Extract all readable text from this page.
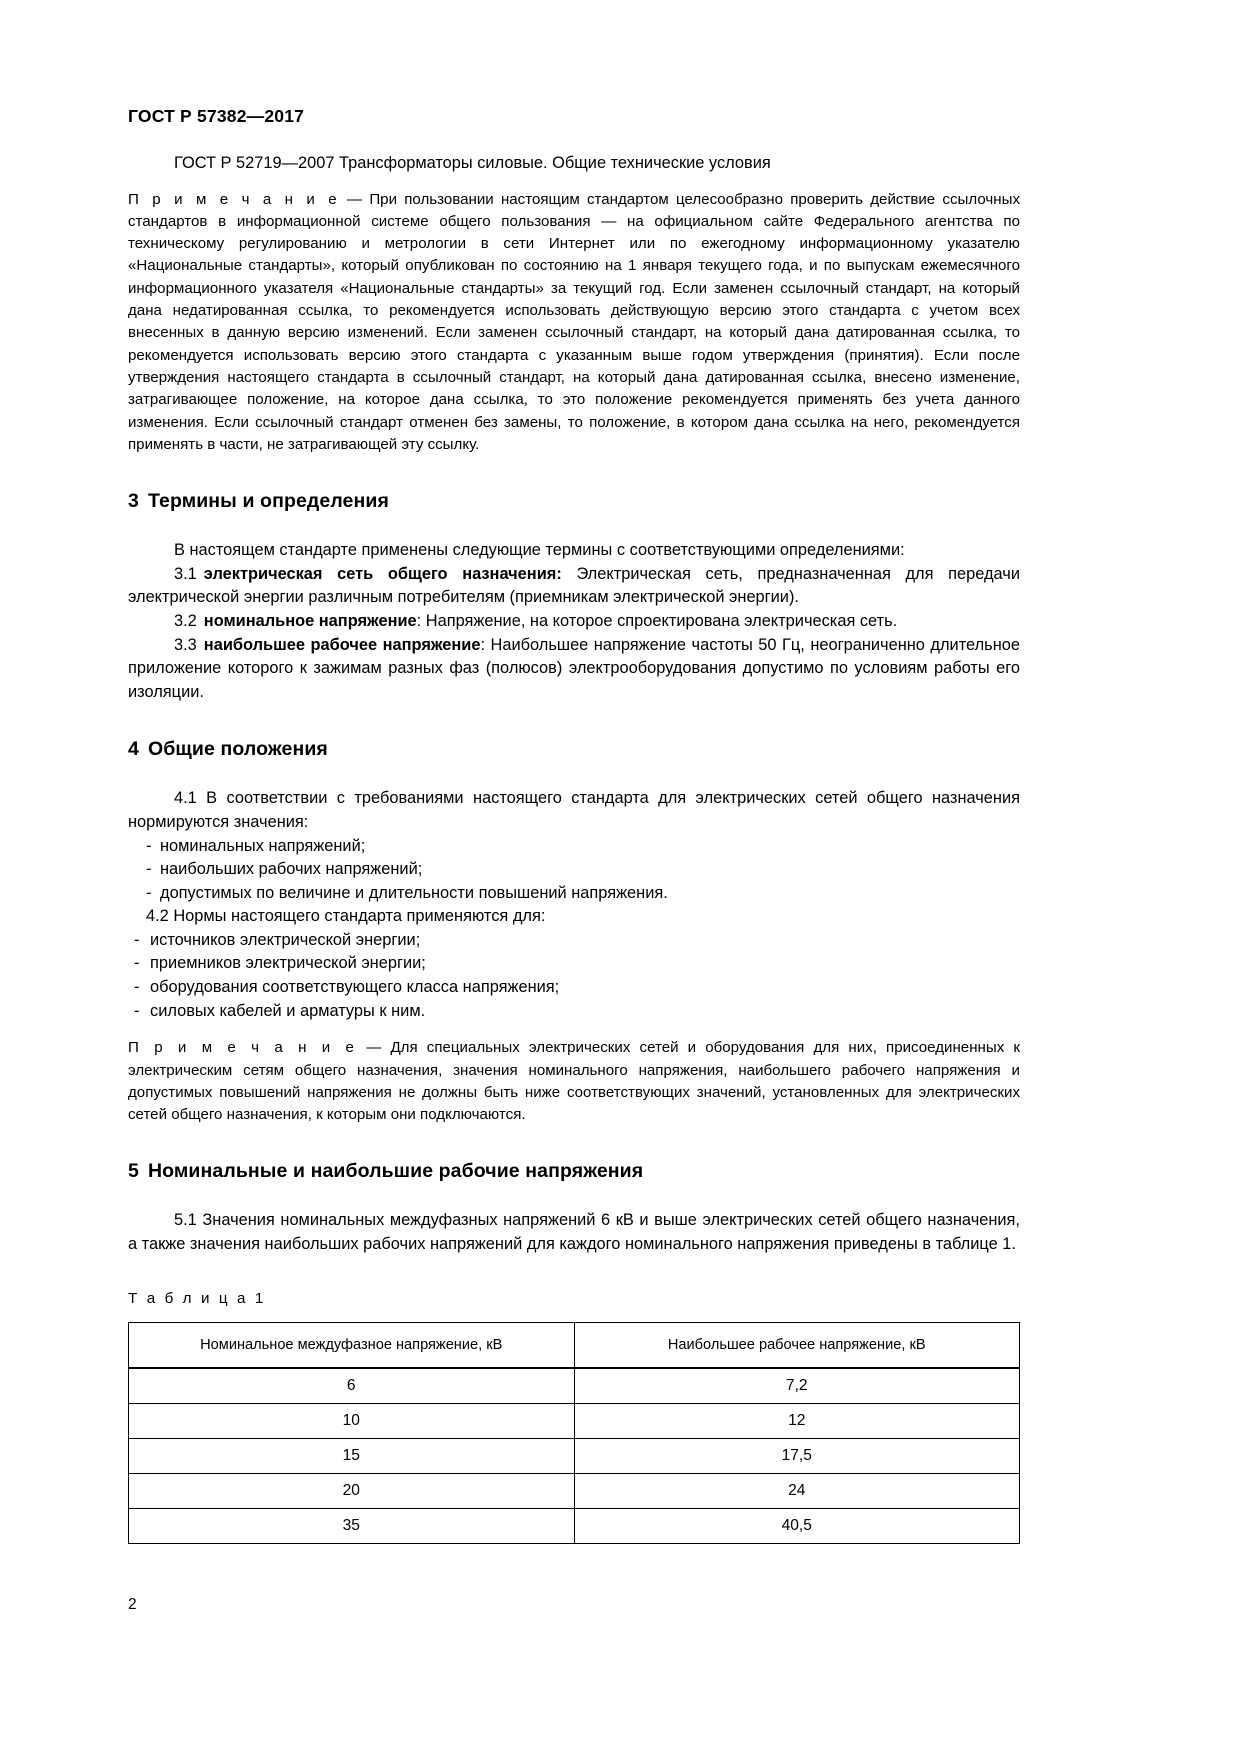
ГОСТ Р 57382—2017

ГОСТ Р 52719—2007 Трансформаторы силовые. Общие технические условия

П р и м е ч а н и е — При пользовании настоящим стандартом целесообразно проверить действие ссылочных стандартов в информационной системе общего пользования — на официальном сайте Федерального агентства по техническому регулированию и метрологии в сети Интернет или по ежегодному информационному указателю «Национальные стандарты», который опубликован по состоянию на 1 января текущего года, и по выпускам ежемесячного информационного указателя «Национальные стандарты» за текущий год. Если заменен ссылочный стандарт, на который дана недатированная ссылка, то рекомендуется использовать действующую версию этого стандарта с учетом всех внесенных в данную версию изменений. Если заменен ссылочный стандарт, на который дана датированная ссылка, то рекомендуется использовать версию этого стандарта с указанным выше годом утверждения (принятия). Если после утверждения настоящего стандарта в ссылочный стандарт, на который дана датированная ссылка, внесено изменение, затрагивающее положение, на которое дана ссылка, то это положение рекомендуется применять без учета данного изменения. Если ссылочный стандарт отменен без замены, то положение, в котором дана ссылка на него, рекомендуется применять в части, не затрагивающей эту ссылку.

3 Термины и определения

В настоящем стандарте применены следующие термины с соответствующими определениями:

3.1 электрическая сеть общего назначения: Электрическая сеть, предназначенная для передачи электрической энергии различным потребителям (приемникам электрической энергии).

3.2 номинальное напряжение: Напряжение, на которое спроектирована электрическая сеть.

3.3 наибольшее рабочее напряжение: Наибольшее напряжение частоты 50 Гц, неограниченно длительное приложение которого к зажимам разных фаз (полюсов) электрооборудования допустимо по условиям работы его изоляции.

4 Общие положения

4.1 В соответствии с требованиями настоящего стандарта для электрических сетей общего назначения нормируются значения:

- номинальных напряжений;
- наибольших рабочих напряжений;
- допустимых по величине и длительности повышений напряжения.

4.2 Нормы настоящего стандарта применяются для:

- источников электрической энергии;
- приемников электрической энергии;
- оборудования соответствующего класса напряжения;
- силовых кабелей и арматуры к ним.

П р и м е ч а н и е — Для специальных электрических сетей и оборудования для них, присоединенных к электрическим сетям общего назначения, значения номинального напряжения, наибольшего рабочего напряжения и допустимых повышений напряжения не должны быть ниже соответствующих значений, установленных для электрических сетей общего назначения, к которым они подключаются.

5 Номинальные и наибольшие рабочие напряжения

5.1 Значения номинальных междуфазных напряжений 6 кВ и выше электрических сетей общего назначения, а также значения наибольших рабочих напряжений для каждого номинального напряжения приведены в таблице 1.

Т а б л и ц а 1

Номинальное междуфазное напряжение, кВ	Наибольшее рабочее напряжение, кВ
6	7,2
10	12
15	17,5
20	24
35	40,5
2
